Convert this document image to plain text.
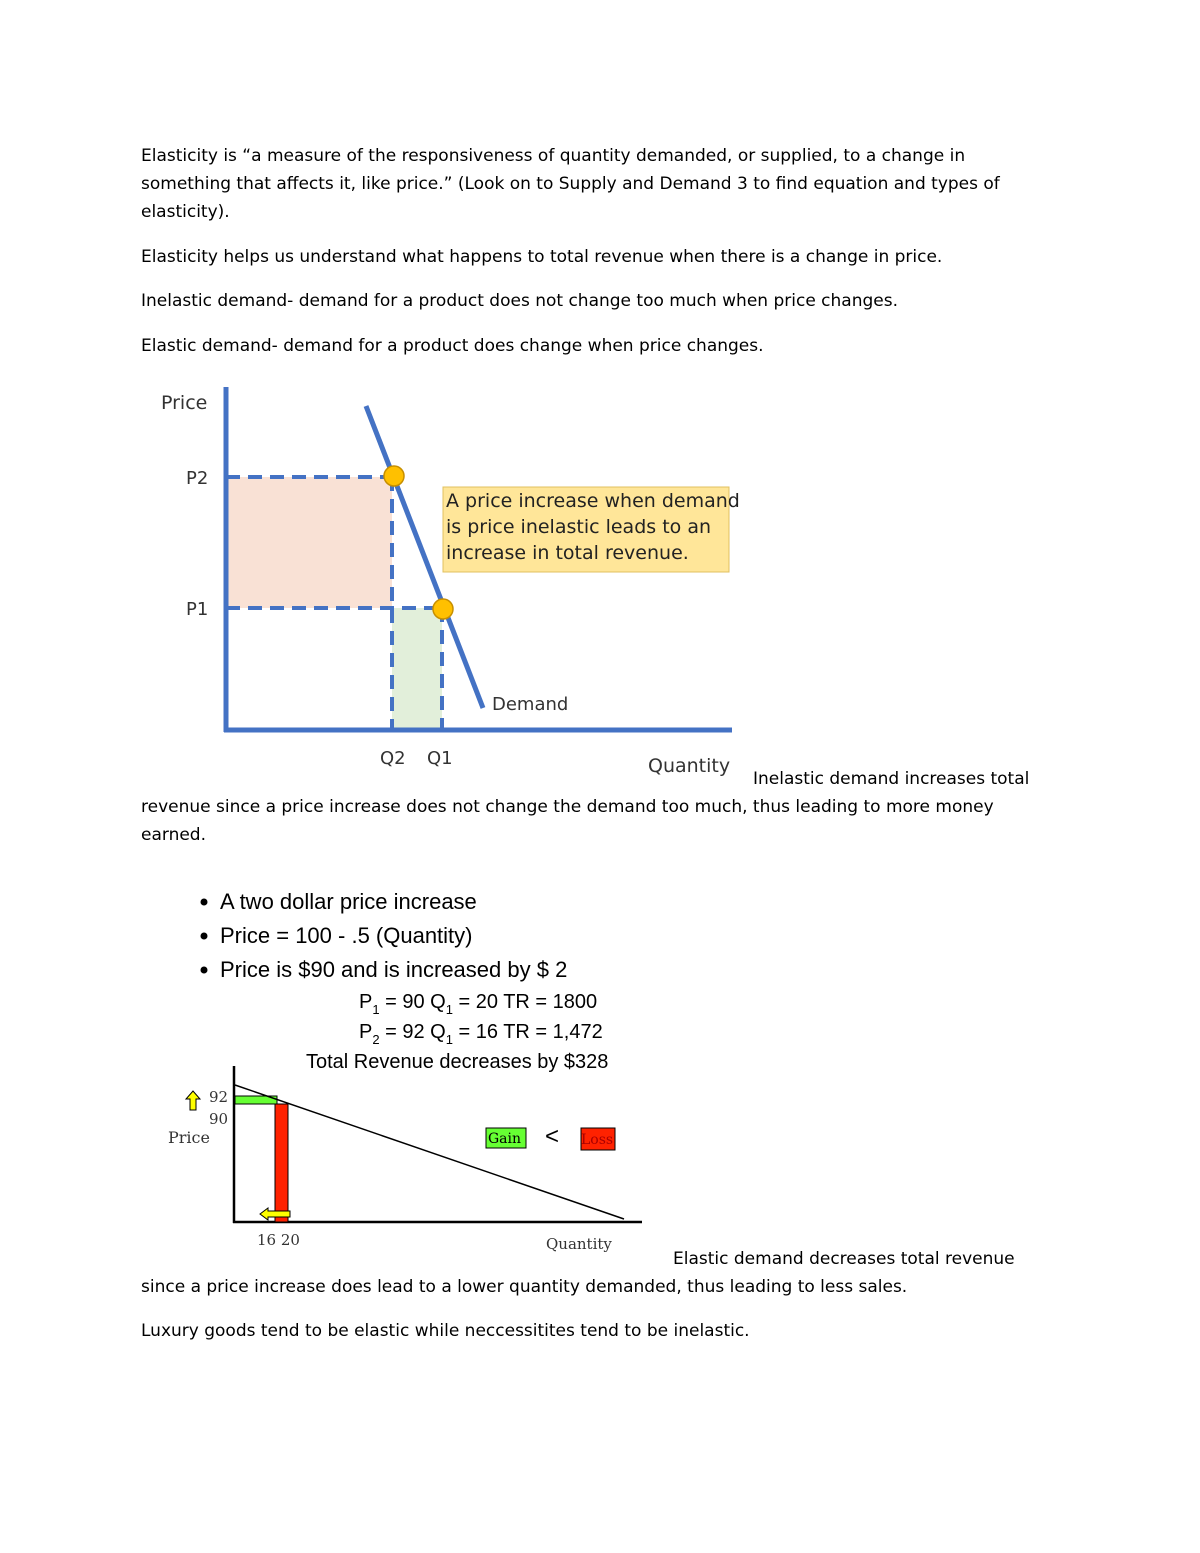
Elasticity is “a measure of the responsiveness of quantity demanded, or supplied, to a change in something that affects it, like price.” (Look on to Supply and Demand 3 to find equation and types of elasticity).

Elasticity helps us understand what happens to total revenue when there is a change in price.

Inelastic demand- demand for a product does not change too much when price changes.

Elastic demand- demand for a product does change when price changes.

A price increase when demand
is price inelastic leads to an
increase in total revenue.
Price
P2
P1
Q2 Q1
Demand
Quantity

Inelastic demand increases total

revenue since a price increase does not change the demand too much, thus leading to more money earned.

A two dollar price increase
Price = 100 - .5 (Quantity)
Price is $90 and is increased by $ 2
$P_1 = 90$ $Q_1 = 20$ TR = 1800
$P_2 = 92$ $Q_1 = 16$ TR = 1,472
Total Revenue decreases by $328
92
90
Price
16 20	Quantity
Gain < Loss

Elastic demand decreases total revenue

since a price increase does lead to a lower quantity demanded, thus leading to less sales.

Luxury goods tend to be elastic while neccessitites tend to be inelastic.
